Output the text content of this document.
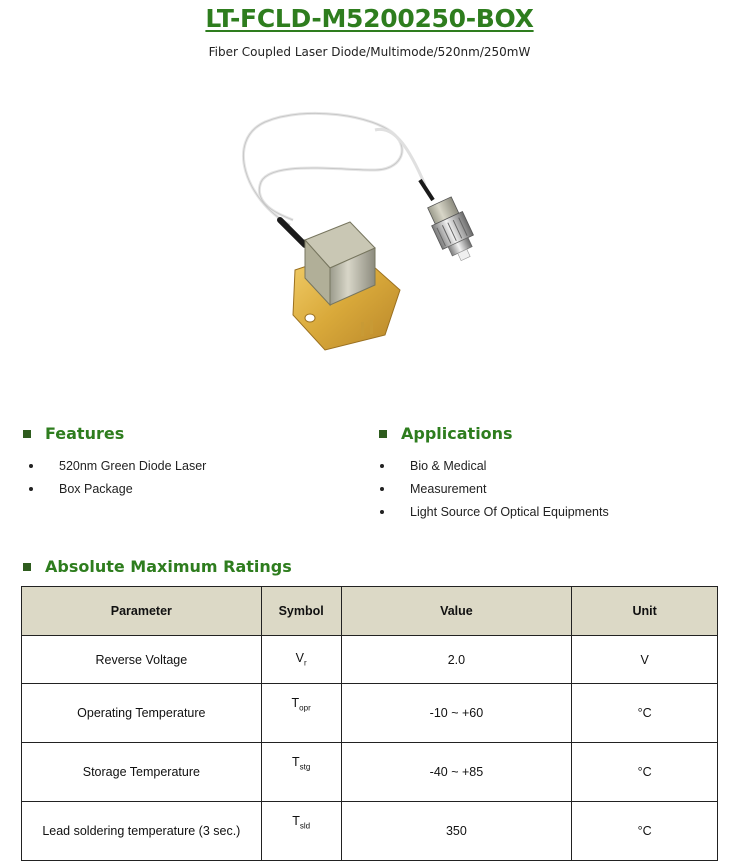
LT-FCLD-M5200250-BOX
Fiber Coupled Laser Diode/Multimode/520nm/250mW
Features
520nm Green Diode Laser
Box Package
Applications
Bio & Medical
Measurement
Light Source Of Optical Equipments
Absolute Maximum Ratings
Parameter	Symbol	Value	Unit
Reverse Voltage	$V_r$	2.0	V
Operating Temperature	$T_{opr}$	-10 ~ +60	°C
Storage Temperature	$T_{stg}$	-40 ~ +85	°C
Lead soldering temperature (3 sec.)	$T_{sld}$	350	°C
